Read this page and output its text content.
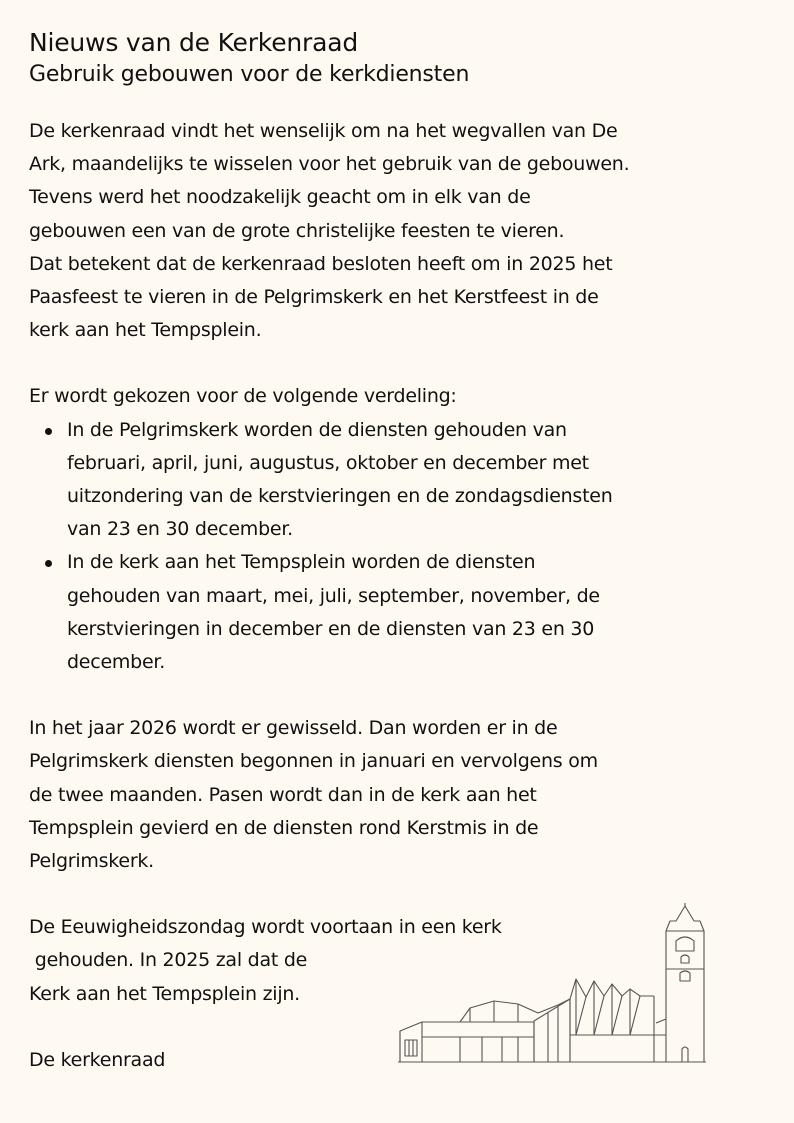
Nieuws van de Kerkenraad
Gebruik gebouwen voor de kerkdiensten
De kerkenraad vindt het wenselijk om na het wegvallen van De
Ark, maandelijks te wisselen voor het gebruik van de gebouwen.
Tevens werd het noodzakelijk geacht om in elk van de
gebouwen een van de grote christelijke feesten te vieren.
Dat betekent dat de kerkenraad besloten heeft om in 2025 het
Paasfeest te vieren in de Pelgrimskerk en het Kerstfeest in de
kerk aan het Tempsplein.
Er wordt gekozen voor de volgende verdeling:
In de Pelgrimskerk worden de diensten gehouden van
februari, april, juni, augustus, oktober en december met
uitzondering van de kerstvieringen en de zondagsdiensten
van 23 en 30 december.
In de kerk aan het Tempsplein worden de diensten
gehouden van maart, mei, juli, september, november, de
kerstvieringen in december en de diensten van 23 en 30
december.
In het jaar 2026 wordt er gewisseld. Dan worden er in de
Pelgrimskerk diensten begonnen in januari en vervolgens om
de twee maanden. Pasen wordt dan in de kerk aan het
Tempsplein gevierd en de diensten rond Kerstmis in de
Pelgrimskerk.
De Eeuwigheidszondag wordt voortaan in een kerk
gehouden. In 2025 zal dat de
Kerk aan het Tempsplein zijn.
De kerkenraad
